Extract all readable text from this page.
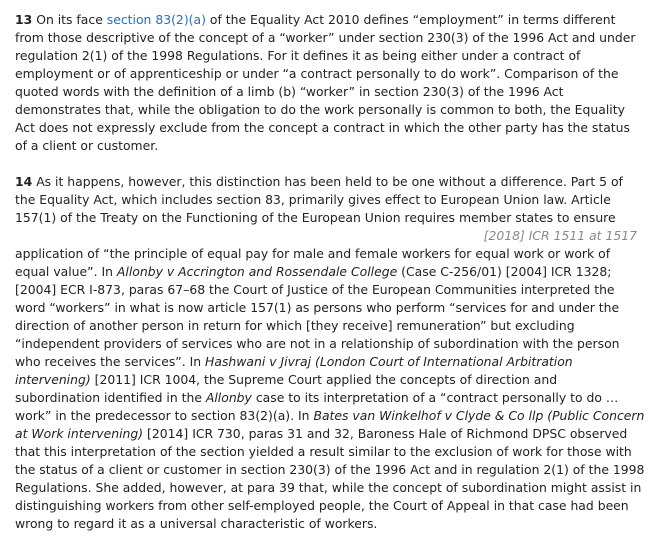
13 On its face section 83(2)(a) of the Equality Act 2010 defines “employment” in terms different from those descriptive of the concept of a “worker” under section 230(3) of the 1996 Act and under regulation 2(1) of the 1998 Regulations. For it defines it as being either under a contract of employment or of apprenticeship or under “a contract personally to do work”. Comparison of the quoted words with the definition of a limb (b) “worker” in section 230(3) of the 1996 Act demonstrates that, while the obligation to do the work personally is common to both, the Equality Act does not expressly exclude from the concept a contract in which the other party has the status of a client or customer.

14 As it happens, however, this distinction has been held to be one without a difference. Part 5 of the Equality Act, which includes section 83, primarily gives effect to European Union law. Article 157(1) of the Treaty on the Functioning of the European Union requires member states to ensure
[2018] ICR 1511 at 1517
application of “the principle of equal pay for male and female workers for equal work or work of equal value”. In Allonby v Accrington and Rossendale College (Case C-256/01) [2004] ICR 1328; [2004] ECR I-873, paras 67–68 the Court of Justice of the European Communities interpreted the word “workers” in what is now article 157(1) as persons who perform “services for and under the direction of another person in return for which [they receive] remuneration” but excluding “independent providers of services who are not in a relationship of subordination with the person who receives the services”. In Hashwani v Jivraj (London Court of International Arbitration intervening) [2011] ICR 1004, the Supreme Court applied the concepts of direction and subordination identified in the Allonby case to its interpretation of a “contract personally to do … work” in the predecessor to section 83(2)(a). In Bates van Winkelhof v Clyde & Co llp (Public Concern at Work intervening) [2014] ICR 730, paras 31 and 32, Baroness Hale of Richmond DPSC observed that this interpretation of the section yielded a result similar to the exclusion of work for those with the status of a client or customer in section 230(3) of the 1996 Act and in regulation 2(1) of the 1998 Regulations. She added, however, at para 39 that, while the concept of subordination might assist in distinguishing workers from other self-employed people, the Court of Appeal in that case had been wrong to regard it as a universal characteristic of workers.
